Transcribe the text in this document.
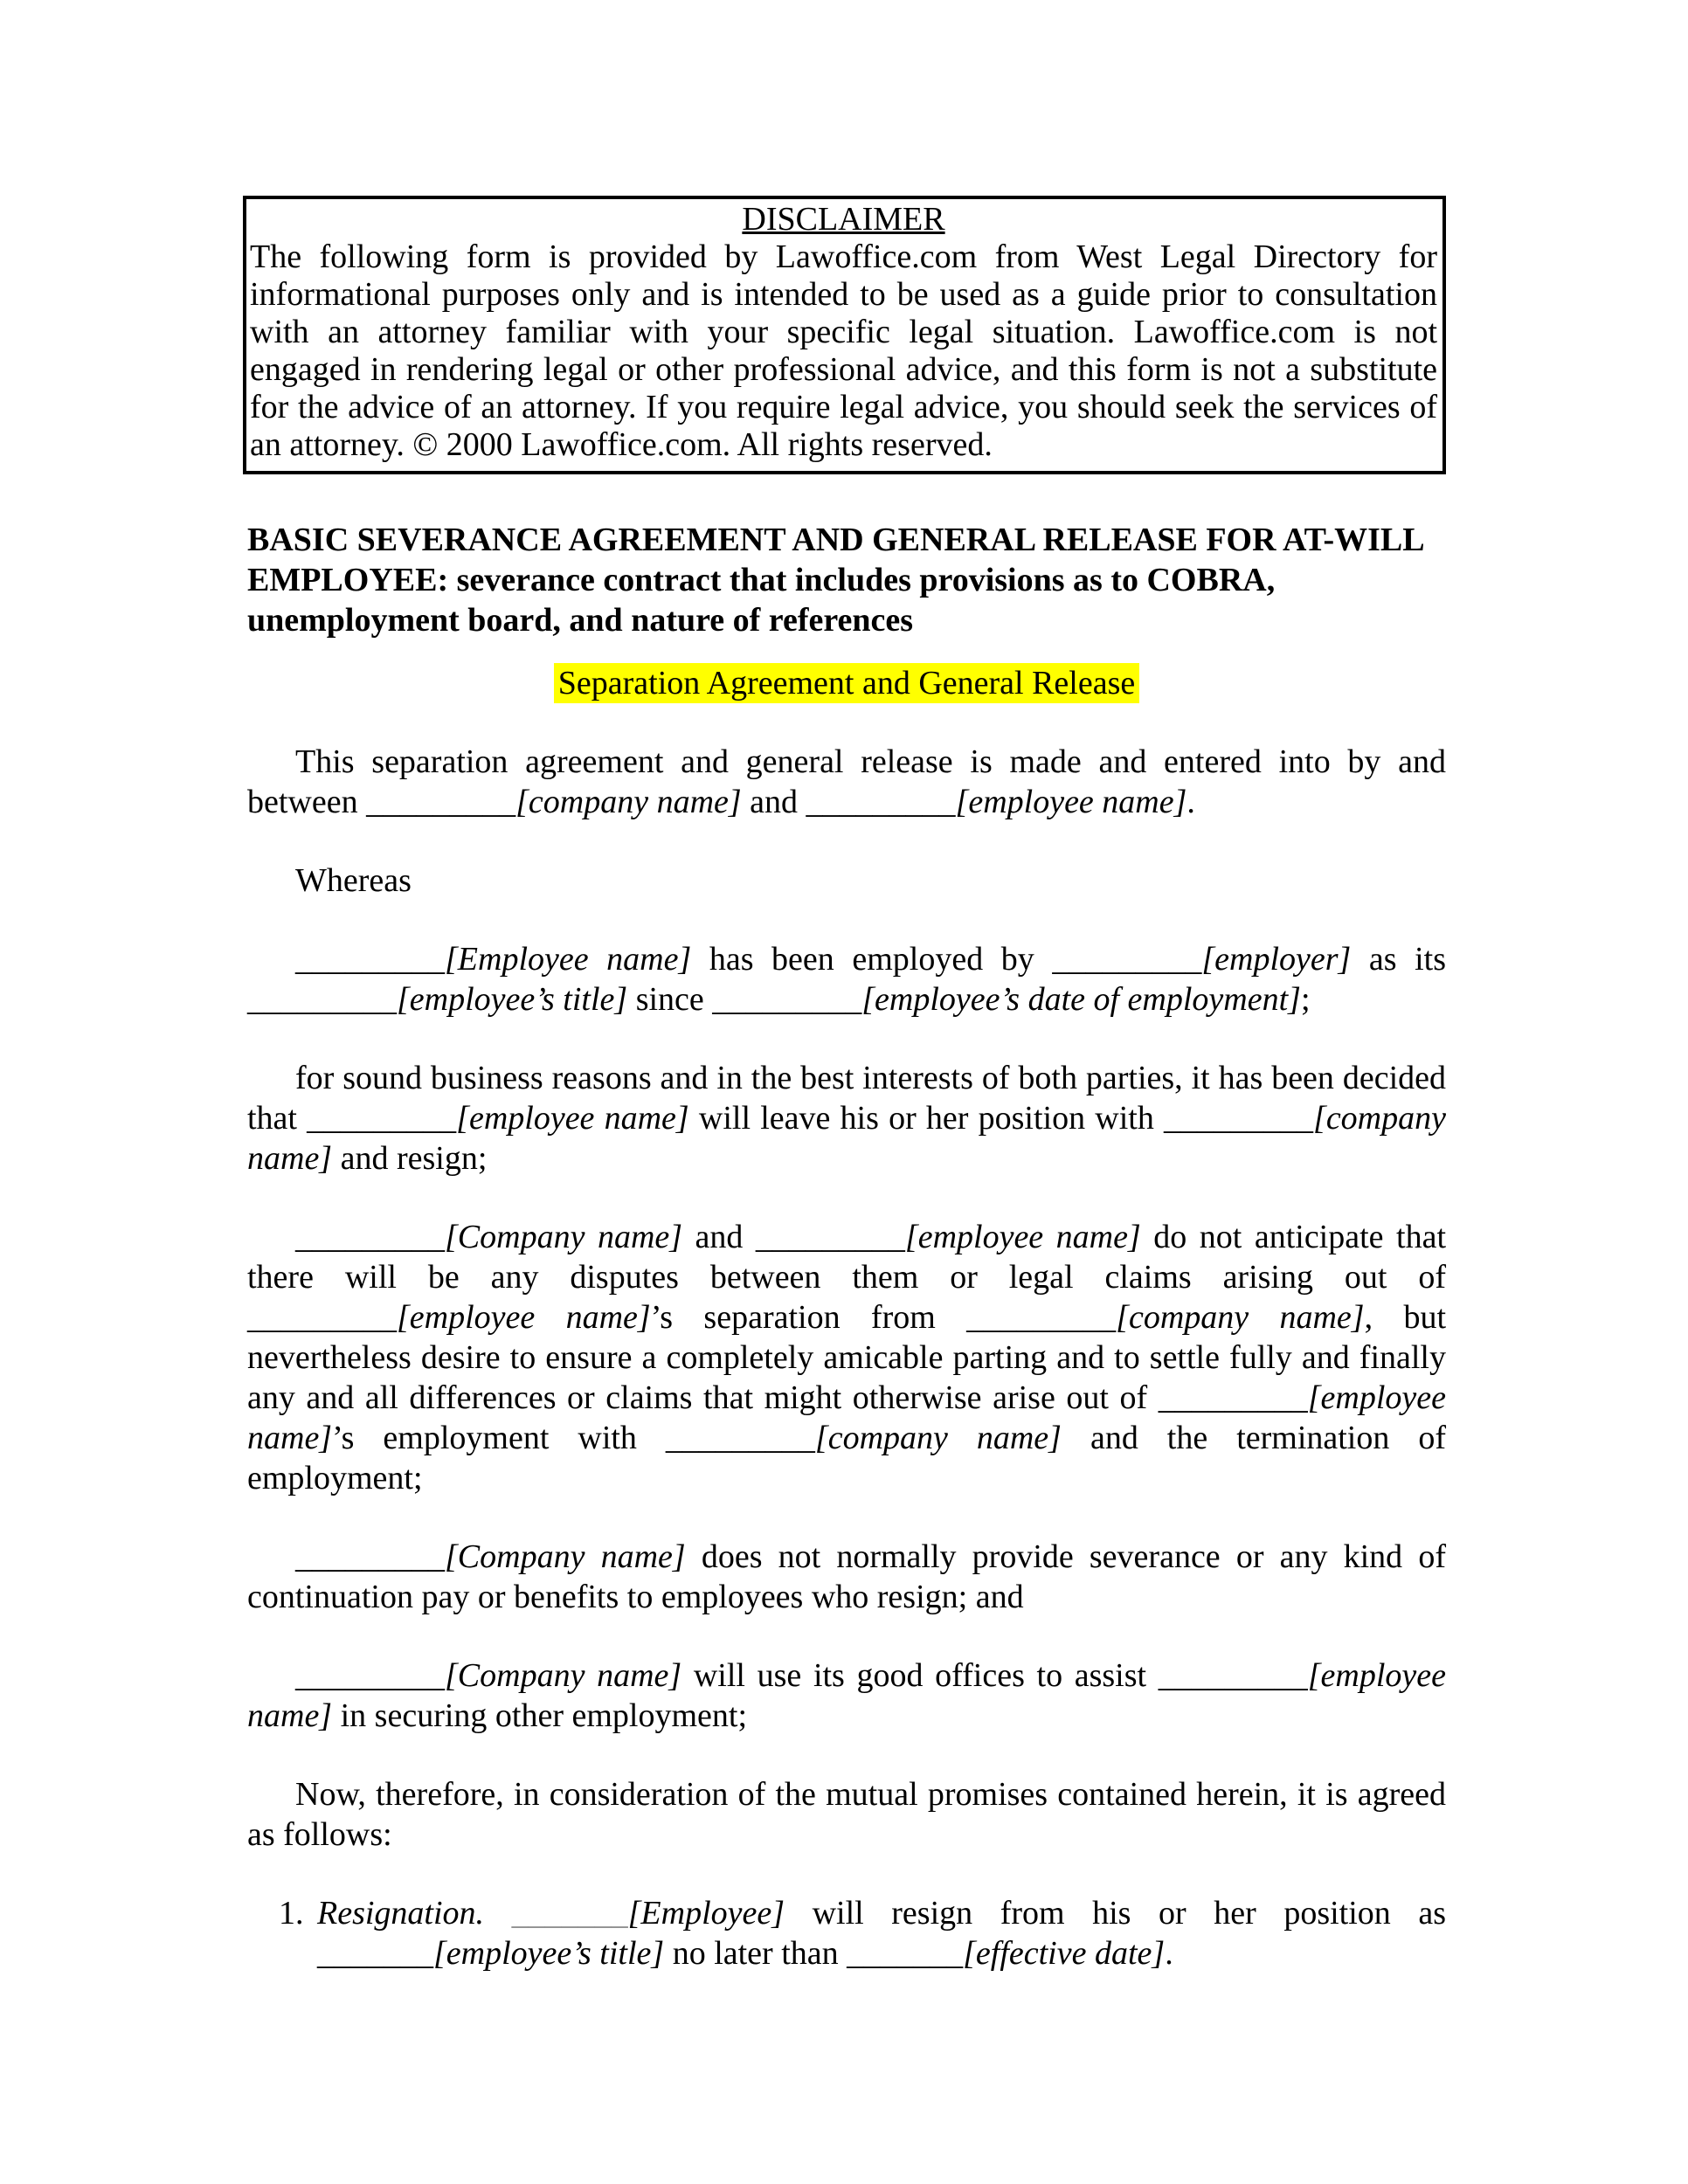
DISCLAIMER
The following form is provided by Lawoffice.com from West Legal Directory for informational purposes only and is intended to be used as a guide prior to consultation with an attorney familiar with your specific legal situation. Lawoffice.com is not engaged in rendering legal or other professional advice, and this form is not a substitute for the advice of an attorney. If you require legal advice, you should seek the services of an attorney. © 2000 Lawoffice.com. All rights reserved.
BASIC SEVERANCE AGREEMENT AND GENERAL RELEASE FOR AT-WILL EMPLOYEE: severance contract that includes provisions as to COBRA, unemployment board, and nature of references
Separation Agreement and General Release

This separation agreement and general release is made and entered into by and between _________[company name] and _________[employee name].

Whereas

_________[Employee name] has been employed by _________[employer] as its _________[employee’s title] since _________[employee’s date of employment];

for sound business reasons and in the best interests of both parties, it has been decided that _________[employee name] will leave his or her position with _________[company name] and resign;

_________[Company name] and _________[employee name] do not anticipate that there will be any disputes between them or legal claims arising out of _________[employee name]’s separation from _________[company name], but nevertheless desire to ensure a completely amicable parting and to settle fully and finally any and all differences or claims that might otherwise arise out of _________[employee name]’s employment with _________[company name] and the termination of employment;

_________[Company name] does not normally provide severance or any kind of continuation pay or benefits to employees who resign; and

_________[Company name] will use its good offices to assist _________[employee name] in securing other employment;

Now, therefore, in consideration of the mutual promises contained herein, it is agreed as follows:

1. Resignation. _______[Employee] will resign from his or her position as _______[employee’s title] no later than _______[effective date].
